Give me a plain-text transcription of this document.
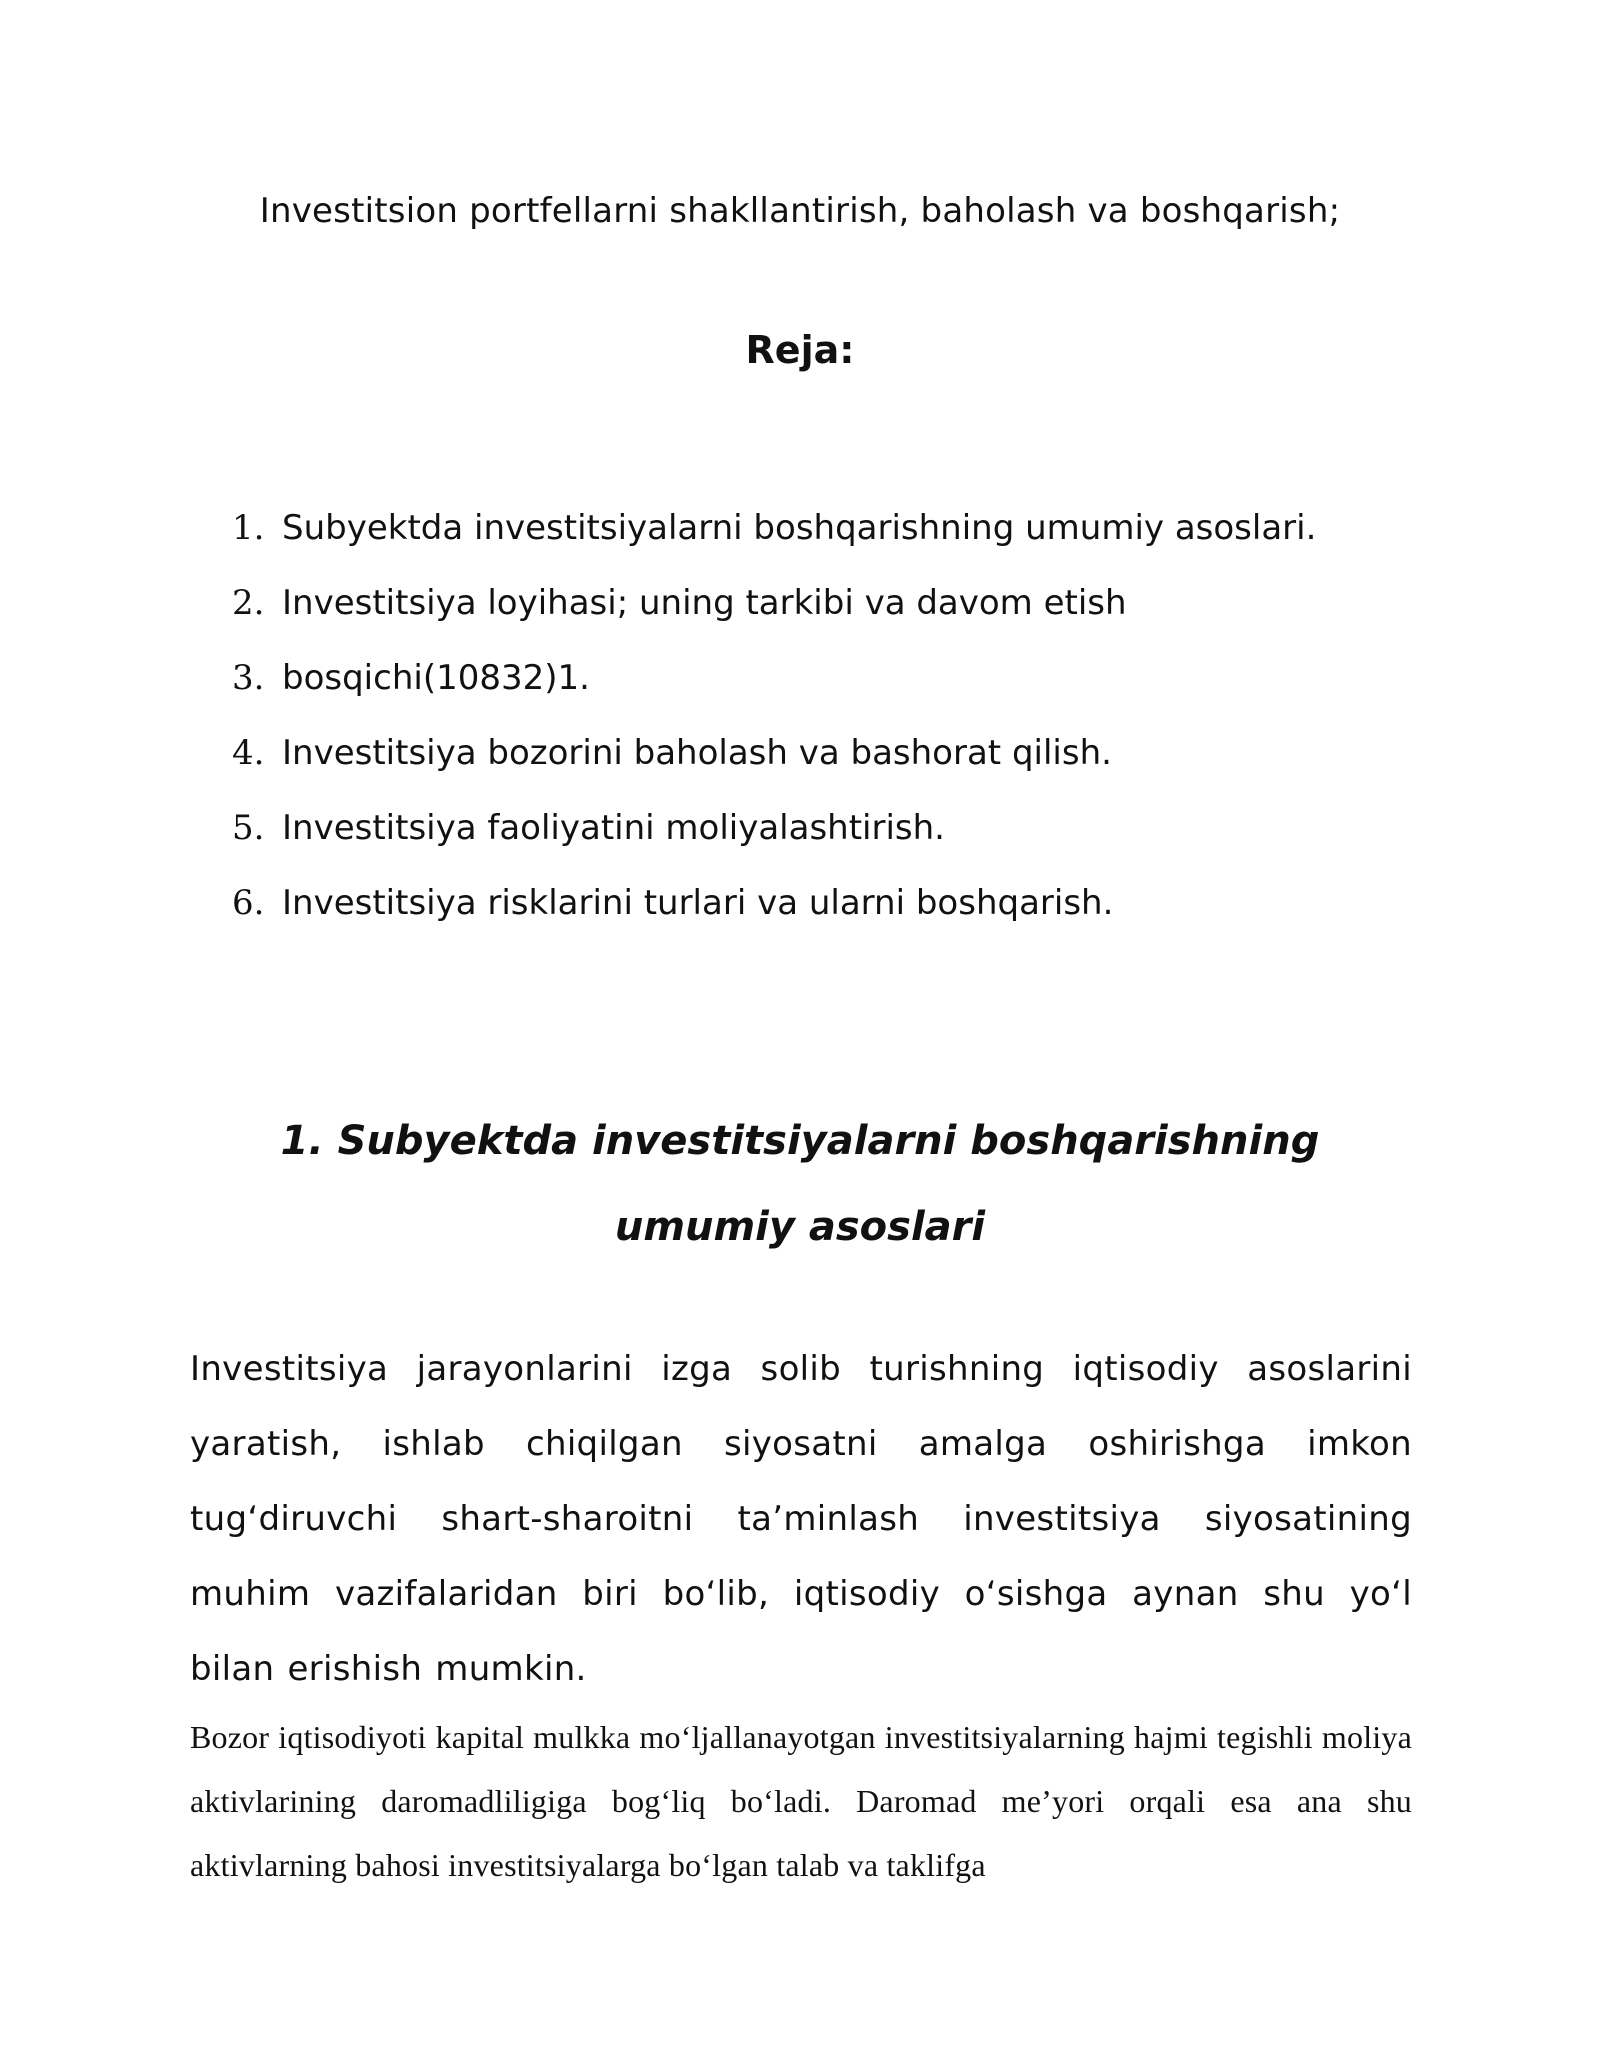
Investitsion portfellarni shakllantirish, baholash va boshqarish;
Reja:
1. Subyektda investitsiyalarni boshqarishning umumiy asoslari.
2. Investitsiya loyihasi; uning tarkibi va davom etish
3. bosqichi(10832)1.
4. Investitsiya bozorini baholash va bashorat qilish.
5. Investitsiya faoliyatini moliyalashtirish.
6. Investitsiya risklarini turlari va ularni boshqarish.
1. Subyektda investitsiyalarni boshqarishning umumiy asoslari

Investitsiya jarayonlarini izga solib turishning iqtisodiy asoslarini yaratish, ishlab chiqilgan siyosatni amalga oshirishga imkon tug‘diruvchi shart-sharoitni ta’minlash investitsiya siyosatining muhim vazifalaridan biri bo‘lib, iqtisodiy o‘sishga aynan shu yo‘l bilan erishish mumkin.

Bozor iqtisodiyoti kapital mulkka mo‘ljallanayotgan investitsiyalarning hajmi tegishli moliya aktivlarining daromadliligiga bog‘liq bo‘ladi. Daromad me’yori orqali esa ana shu aktivlarning bahosi investitsiyalarga bo‘lgan talab va taklifga
